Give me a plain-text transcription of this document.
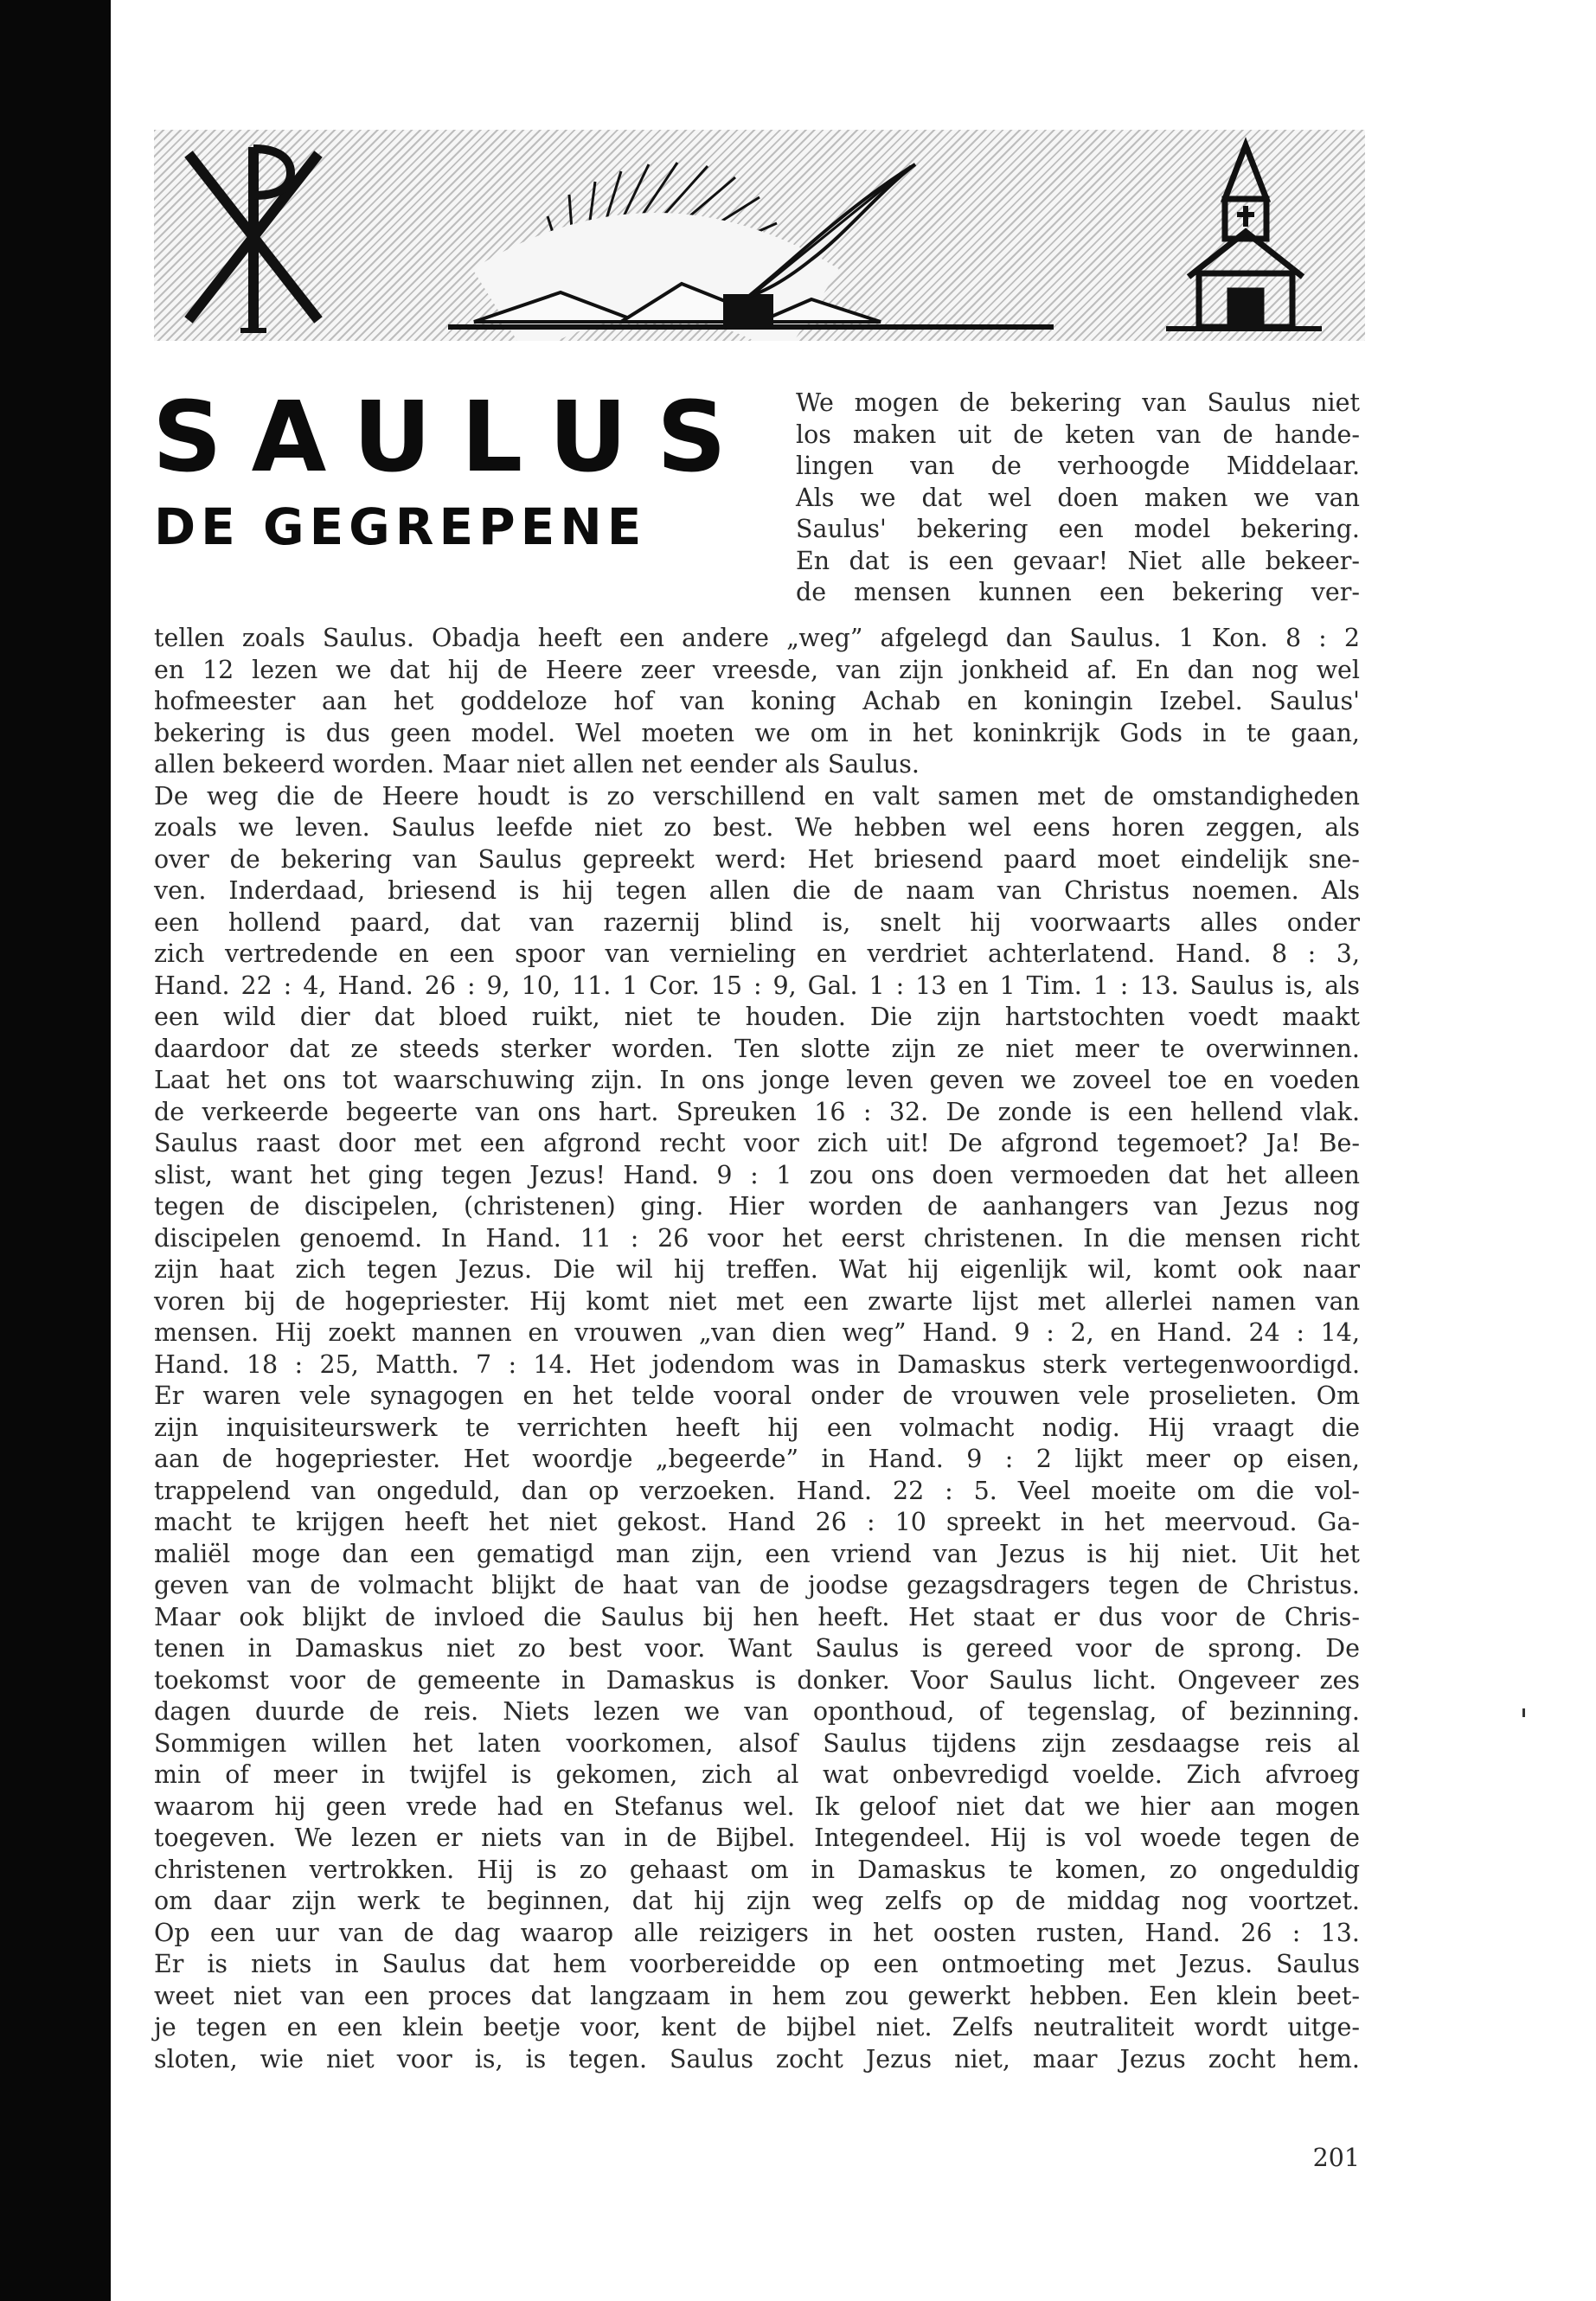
SAULUS
DE GEGREPENE

We mogen de bekering van Saulus niet
los maken uit de keten van de hande-
lingen van de verhoogde Middelaar.
Als we dat wel doen maken we van
Saulus' bekering een model bekering.
En dat is een gevaar! Niet alle bekeer-
de mensen kunnen een bekering ver-

tellen zoals Saulus. Obadja heeft een andere „weg” afgelegd dan Saulus. 1 Kon. 8 : 2
en 12 lezen we dat hij de Heere zeer vreesde, van zijn jonkheid af. En dan nog wel
hofmeester aan het goddeloze hof van koning Achab en koningin Izebel. Saulus'
bekering is dus geen model. Wel moeten we om in het koninkrijk Gods in te gaan,
allen bekeerd worden. Maar niet allen net eender als Saulus.
De weg die de Heere houdt is zo verschillend en valt samen met de omstandigheden
zoals we leven. Saulus leefde niet zo best. We hebben wel eens horen zeggen, als
over de bekering van Saulus gepreekt werd: Het briesend paard moet eindelijk sne-
ven. Inderdaad, briesend is hij tegen allen die de naam van Christus noemen. Als
een hollend paard, dat van razernij blind is, snelt hij voorwaarts alles onder
zich vertredende en een spoor van vernieling en verdriet achterlatend. Hand. 8 : 3,
Hand. 22 : 4, Hand. 26 : 9, 10, 11. 1 Cor. 15 : 9, Gal. 1 : 13 en 1 Tim. 1 : 13. Saulus is, als
een wild dier dat bloed ruikt, niet te houden. Die zijn hartstochten voedt maakt
daardoor dat ze steeds sterker worden. Ten slotte zijn ze niet meer te overwinnen.
Laat het ons tot waarschuwing zijn. In ons jonge leven geven we zoveel toe en voeden
de verkeerde begeerte van ons hart. Spreuken 16 : 32. De zonde is een hellend vlak.
Saulus raast door met een afgrond recht voor zich uit! De afgrond tegemoet? Ja! Be-
slist, want het ging tegen Jezus! Hand. 9 : 1 zou ons doen vermoeden dat het alleen
tegen de discipelen, (christenen) ging. Hier worden de aanhangers van Jezus nog
discipelen genoemd. In Hand. 11 : 26 voor het eerst christenen. In die mensen richt
zijn haat zich tegen Jezus. Die wil hij treffen. Wat hij eigenlijk wil, komt ook naar
voren bij de hogepriester. Hij komt niet met een zwarte lijst met allerlei namen van
mensen. Hij zoekt mannen en vrouwen „van dien weg” Hand. 9 : 2, en Hand. 24 : 14,
Hand. 18 : 25, Matth. 7 : 14. Het jodendom was in Damaskus sterk vertegenwoordigd.
Er waren vele synagogen en het telde vooral onder de vrouwen vele proselieten. Om
zijn inquisiteurswerk te verrichten heeft hij een volmacht nodig. Hij vraagt die
aan de hogepriester. Het woordje „begeerde” in Hand. 9 : 2 lijkt meer op eisen,
trappelend van ongeduld, dan op verzoeken. Hand. 22 : 5. Veel moeite om die vol-
macht te krijgen heeft het niet gekost. Hand 26 : 10 spreekt in het meervoud. Ga-
maliël moge dan een gematigd man zijn, een vriend van Jezus is hij niet. Uit het
geven van de volmacht blijkt de haat van de joodse gezagsdragers tegen de Christus.
Maar ook blijkt de invloed die Saulus bij hen heeft. Het staat er dus voor de Chris-
tenen in Damaskus niet zo best voor. Want Saulus is gereed voor de sprong. De
toekomst voor de gemeente in Damaskus is donker. Voor Saulus licht. Ongeveer zes
dagen duurde de reis. Niets lezen we van oponthoud, of tegenslag, of bezinning.
Sommigen willen het laten voorkomen, alsof Saulus tijdens zijn zesdaagse reis al
min of meer in twijfel is gekomen, zich al wat onbevredigd voelde. Zich afvroeg
waarom hij geen vrede had en Stefanus wel. Ik geloof niet dat we hier aan mogen
toegeven. We lezen er niets van in de Bijbel. Integendeel. Hij is vol woede tegen de
christenen vertrokken. Hij is zo gehaast om in Damaskus te komen, zo ongeduldig
om daar zijn werk te beginnen, dat hij zijn weg zelfs op de middag nog voortzet.
Op een uur van de dag waarop alle reizigers in het oosten rusten, Hand. 26 : 13.
Er is niets in Saulus dat hem voorbereidde op een ontmoeting met Jezus. Saulus
weet niet van een proces dat langzaam in hem zou gewerkt hebben. Een klein beet-
je tegen en een klein beetje voor, kent de bijbel niet. Zelfs neutraliteit wordt uitge-
sloten, wie niet voor is, is tegen. Saulus zocht Jezus niet, maar Jezus zocht hem.

201
